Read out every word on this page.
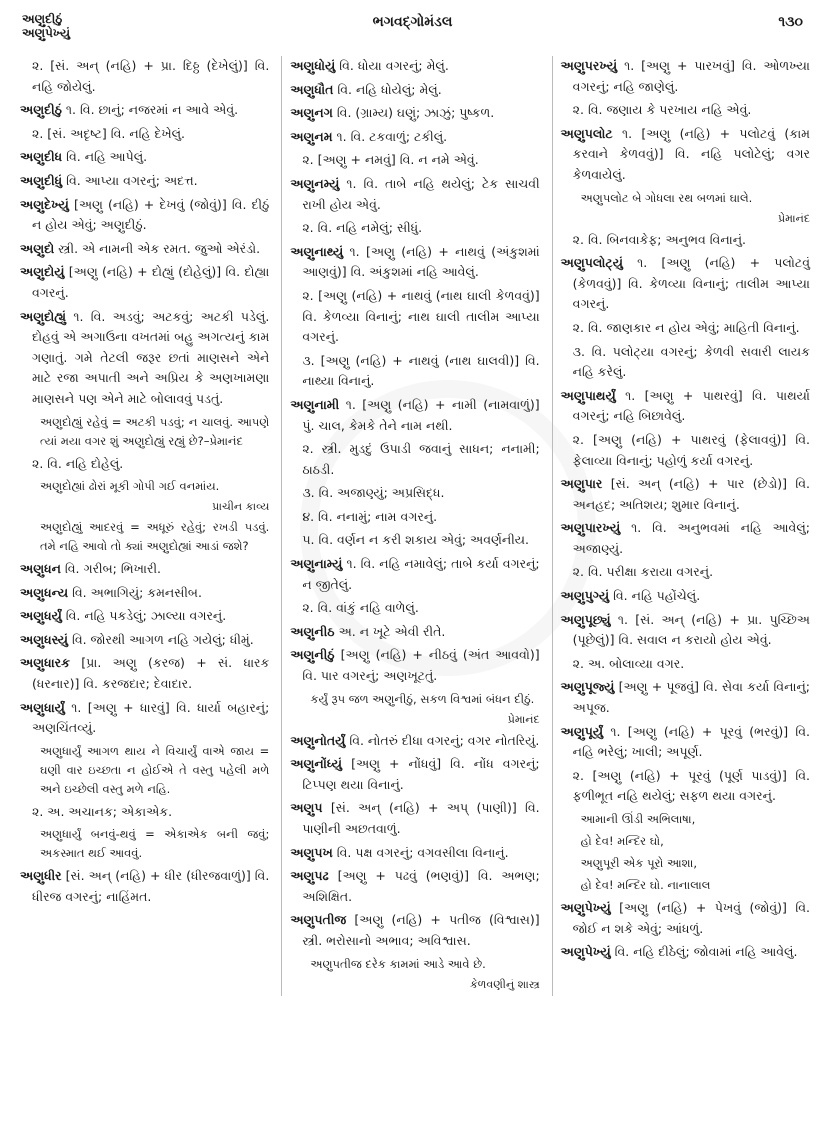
અણુદીઠું
અણુપેખ્યું
ભગવદ્ગોમંડલ	૧૩૦

૨. [સં. અન્ (નહિ) + પ્રા. દિઠ્ઠ (દેખેલું)] વિ. નહિ જોયેલું.

અણુદીઠું ૧. વિ. છાનું; નજરમાં ન આવે એવું.

૨. [સં. અદૃષ્ટ] વિ. નહિ દેખેલું.

અણુદીધ વિ. નહિ આપેલું.

અણુદીધું વિ. આપ્યા વગરનું; અદત્ત.

અણુદેખ્યું [અણુ (નહિ) + દેખવું (જોવું)] વિ. દીઠું ન હોય એવું; અણુદીઠું.

અણુદો સ્ત્રી. એ નામની એક રમત. જુઓ એરંડો.

અણુદોયું [અણુ (નહિ) + દોહ્યું (દોહેલું)] વિ. દોહ્યા વગરનું.

અણુદોહ્યું ૧. વિ. અડવું; અટકવું; અટકી પડેલું. દોહવું એ અગાઉના વખતમાં બહુ અગત્યનું કામ ગણાતું. ગમે તેટલી જરૂર છતાં માણસને એને માટે રજા અપાતી અને અપ્રિય કે અણખામણા માણસને પણ એને માટે બોલાવવું પડતું.

અણુદોહ્યું રહેવું = અટકી પડવું; ન ચાલવું. આપણે ત્યાં મયા વગર શું અણુદોહ્યું રહ્યું છે?–પ્રેમાનંદ

૨. વિ. નહિ દોહેલું.

અણુદોહ્યાં ઢોરાં મૂકી ગોપી ગઈ વનમાંય.

પ્રાચીન કાવ્ય

અણુદોહ્યું આદરવું = અધૂરું રહેવું; રખડી પડવું. તમે નહિ આવો તો ક્યાં અણુદોહ્યાં આડાં જશે?

અણુધન વિ. ગરીબ; ભિખારી.

અણુધન્ય વિ. અભાગિયું; કમનસીબ.

અણુધર્યું વિ. નહિ પકડેલું; ઝાલ્યા વગરનું.

અણુધસ્યું વિ. જોરથી આગળ નહિ ગયેલું; ધીમું.

અણુધારક [પ્રા. અણુ (કરજ) + સં. ધારક (ધરનાર)] વિ. કરજદાર; દેવાદાર.

અણુધાર્યું ૧. [અણુ + ધારવું] વિ. ધાર્યા બહારનું; અણચિંતવ્યું.

અણુધાર્યું આગળ થાય ને વિચાર્યું વાએ જાય = ઘણી વાર ઇચ્છતા ન હોઈએ તે વસ્તુ પહેલી મળે અને ઇચ્છેલી વસ્તુ મળે નહિ.

૨. અ. અચાનક; એકાએક.

અણુધાર્યું બનવું-થવું = એકાએક બની જવું; અકસ્માત થઈ આવવું.

અણુધીર [સં. અન્ (નહિ) + ધીર (ધીરજવાળું)] વિ. ધીરજ વગરનું; નાહિંમત.

અણુધોયું વિ. ધોયા વગરનું; મેલું.

અણુધૌત વિ. નહિ ધોયેલું; મેલું.

અણુનગ વિ. (ગ્રામ્ય) ઘણું; ઝાઝું; પુષ્કળ.

અણુનમ ૧. વિ. ટકવાળું; ટકીલું.

૨. [અણુ + નમવું] વિ. ન નમે એવું.

અણુનમ્યું ૧. વિ. તાબે નહિ થયેલું; ટેક સાચવી રાખી હોય એવું.

૨. વિ. નહિ નમેલું; સીધું.

અણુનાથ્યું ૧. [અણુ (નહિ) + નાથવું (અંકુશમાં આણવું)] વિ. અંકુશમાં નહિ આવેલું.

૨. [અણુ (નહિ) + નાથવું (નાથ ઘાલી કેળવવું)] વિ. કેળવ્યા વિનાનું; નાથ ઘાલી તાલીમ આપ્યા વગરનું.

૩. [અણુ (નહિ) + નાથવું (નાથ ઘાલવી)] વિ. નાથ્યા વિનાનું.

અણુનામી ૧. [અણુ (નહિ) + નામી (નામવાળું)] પું. ચાલ, કેમકે તેને નામ નથી.

૨. સ્ત્રી. મુડદું ઉપાડી જવાનું સાધન; નનામી; ઠાઠડી.

૩. વિ. અજાણ્યું; અપ્રસિદ્ધ.

૪. વિ. નનામું; નામ વગરનું.

૫. વિ. વર્ણન ન કરી શકાય એવું; અવર્ણનીય.

અણુનામ્યું ૧. વિ. નહિ નમાવેલું; તાબે કર્યા વગરનું; ન જીતેલું.

૨. વિ. વાંકું નહિ વાળેલું.

અણુનીઠ અ. ન ખૂટે એવી રીતે.

અણુનીઠું [અણુ (નહિ) + નીઠવું (અંત આવવો)] વિ. પાર વગરનું; અણખૂટતું.

કર્યું રૂપ જળ અણુનીઠું, સકળ વિશ્વમાં બંધન દીઠું.

પ્રેમાનંદ

અણુનોતર્યું વિ. નોતરું દીધા વગરનું; વગર નોતરિયું.

અણુનોંધ્યું [અણુ + નોંધવું] વિ. નોંધ વગરનું; ટિપ્પણ થયા વિનાનું.

અણુપ [સં. અન્ (નહિ) + અપ્ (પાણી)] વિ. પાણીની અછતવાળું.

અણુપખ વિ. પક્ષ વગરનું; વગવસીલા વિનાનું.

અણુપઢ [અણુ + પઢવું (ભણવું)] વિ. અભણ; અશિક્ષિત.

અણુપતીજ [અણુ (નહિ) + પતીજ (વિશ્વાસ)] સ્ત્રી. ભરોસાનો અભાવ; અવિશ્વાસ.

અણુપતીજ દરેક કામમાં આડે આવે છે.

કેળવણીનું શાસ્ત્ર

અણુપરખ્યું ૧. [અણુ + પારખવું] વિ. ઓળખ્યા વગરનું; નહિ જાણેલું.

૨. વિ. જણાય કે પરખાય નહિ એવું.

અણુપલોટ ૧. [અણુ (નહિ) + પલોટવું (કામ કરવાને કેળવવું)] વિ. નહિ પલોટેલું; વગર કેળવાયેલું.

અણુપલોટ બે ગોધલા રથ બળમાં ઘાલે.

પ્રેમાનંદ

૨. વિ. બિનવાકેફ; અનુભવ વિનાનું.

અણુપલોટ્યું ૧. [અણુ (નહિ) + પલોટવું (કેળવવું)] વિ. કેળવ્યા વિનાનું; તાલીમ આપ્યા વગરનું.

૨. વિ. જાણકાર ન હોય એવું; માહિતી વિનાનું.

૩. વિ. પલોટ્યા વગરનું; કેળવી સવારી લાયક નહિ કરેલું.

અણુપાથર્યું ૧. [અણુ + પાથરવું] વિ. પાથર્યા વગરનું; નહિ બિછાવેલું.

૨. [અણુ (નહિ) + પાથરવું (ફેલાવવું)] વિ. ફેલાવ્યા વિનાનું; પહોળું કર્યા વગરનું.

અણુપાર [સં. અન્ (નહિ) + પાર (છેડો)] વિ. અનહદ; અતિશય; શુમાર વિનાનું.

અણુપારખ્યું ૧. વિ. અનુભવમાં નહિ આવેલું; અજાણ્યું.

૨. વિ. પરીક્ષા કરાયા વગરનું.

અણુપુગ્યું વિ. નહિ પહોંચેલું.

અણુપૂછ્યું ૧. [સં. અન્ (નહિ) + પ્રા. પુચ્છિઅ (પૂછેલું)] વિ. સવાલ ન કરાયો હોય એવું.

૨. અ. બોલાવ્યા વગર.

અણુપૂજ્યું [અણુ + પૂજવું] વિ. સેવા કર્યા વિનાનું; અપૂજ.

અણુપૂર્યું ૧. [અણુ (નહિ) + પૂરવું (ભરવું)] વિ. નહિ ભરેલું; ખાલી; અપૂર્ણ.

૨. [અણુ (નહિ) + પૂરવું (પૂર્ણ પાડવું)] વિ. ફળીભૂત નહિ થયેલું; સફળ થયા વગરનું.

આમાની ઊંડી અભિલાષા,

હો દેવ! મન્દિર ઘો,

અણુપૂરી એક પૂરો આશા,

હો દેવ! મન્દિર ઘો. નાનાલાલ

અણુપેખ્યું [અણુ (નહિ) + પેખવું (જોવું)] વિ. જોઈ ન શકે એવું; આંધળું.

અણુપેખ્યું વિ. નહિ દીઠેલું; જોવામાં નહિ આવેલું.
